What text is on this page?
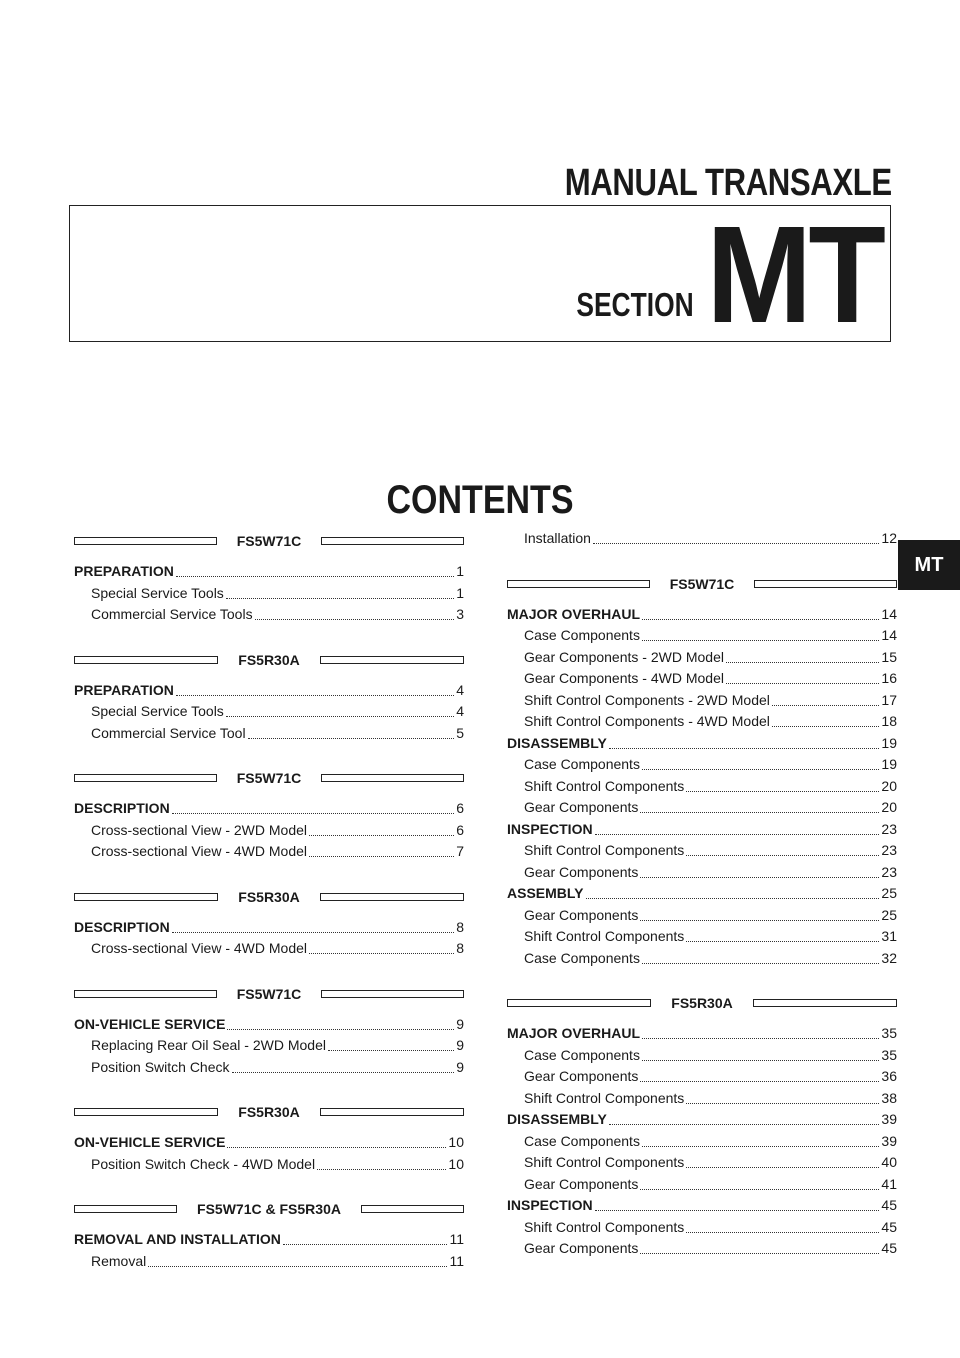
MANUAL TRANSAXLE
SECTION MT
CONTENTS
MT
FS5W71C
PREPARATION	1
Special Service Tools	1
Commercial Service Tools	3
FS5R30A
PREPARATION	4
Special Service Tools	4
Commercial Service Tool	5
FS5W71C
DESCRIPTION	6
Cross-sectional View - 2WD Model	6
Cross-sectional View - 4WD Model	7
FS5R30A
DESCRIPTION	8
Cross-sectional View - 4WD Model	8
FS5W71C
ON-VEHICLE SERVICE	9
Replacing Rear Oil Seal - 2WD Model	9
Position Switch Check	9
FS5R30A
ON-VEHICLE SERVICE	10
Position Switch Check - 4WD Model	10
FS5W71C & FS5R30A
REMOVAL AND INSTALLATION	11
Removal	11
Installation	12
FS5W71C
MAJOR OVERHAUL	14
Case Components	14
Gear Components - 2WD Model	15
Gear Components - 4WD Model	16
Shift Control Components - 2WD Model	17
Shift Control Components - 4WD Model	18
DISASSEMBLY	19
Case Components	19
Shift Control Components	20
Gear Components	20
INSPECTION	23
Shift Control Components	23
Gear Components	23
ASSEMBLY	25
Gear Components	25
Shift Control Components	31
Case Components	32
FS5R30A
MAJOR OVERHAUL	35
Case Components	35
Gear Components	36
Shift Control Components	38
DISASSEMBLY	39
Case Components	39
Shift Control Components	40
Gear Components	41
INSPECTION	45
Shift Control Components	45
Gear Components	45
